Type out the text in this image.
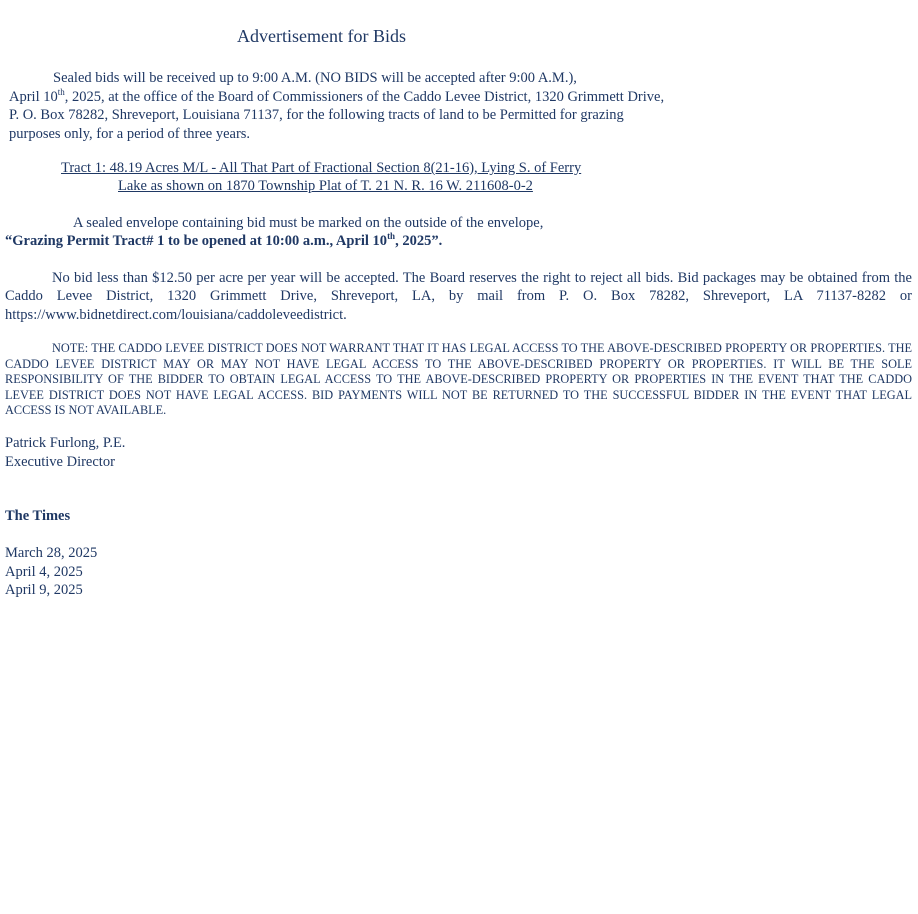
Advertisement for Bids

Sealed bids will be received up to 9:00 A.M. (NO BIDS will be accepted after 9:00 A.M.),
April 10th, 2025, at the office of the Board of Commissioners of the Caddo Levee District, 1320 Grimmett Drive, P. O. Box 78282, Shreveport, Louisiana 71137, for the following tracts of land to be Permitted for grazing purposes only, for a period of three years.

Tract 1: 48.19 Acres M/L - All That Part of Fractional Section 8(21-16), Lying S. of Ferry
Lake as shown on 1870 Township Plat of T. 21 N. R. 16 W. 211608-0-2
A sealed envelope containing bid must be marked on the outside of the envelope,
“Grazing Permit Tract# 1 to be opened at 10:00 a.m., April 10th, 2025”.

No bid less than $12.50 per acre per year will be accepted. The Board reserves the right to reject all bids. Bid packages may be obtained from the Caddo Levee District, 1320 Grimmett Drive, Shreveport, LA, by mail from P. O. Box 78282, Shreveport, LA 71137-8282 or https://www.bidnetdirect.com/louisiana/caddoleveedistrict.

NOTE: THE CADDO LEVEE DISTRICT DOES NOT WARRANT THAT IT HAS LEGAL ACCESS TO THE ABOVE-DESCRIBED PROPERTY OR PROPERTIES. THE CADDO LEVEE DISTRICT MAY OR MAY NOT HAVE LEGAL ACCESS TO THE ABOVE-DESCRIBED PROPERTY OR PROPERTIES. IT WILL BE THE SOLE RESPONSIBILITY OF THE BIDDER TO OBTAIN LEGAL ACCESS TO THE ABOVE-DESCRIBED PROPERTY OR PROPERTIES IN THE EVENT THAT THE CADDO LEVEE DISTRICT DOES NOT HAVE LEGAL ACCESS. BID PAYMENTS WILL NOT BE RETURNED TO THE SUCCESSFUL BIDDER IN THE EVENT THAT LEGAL ACCESS IS NOT AVAILABLE.

Patrick Furlong, P.E.
Executive Director
The Times
March 28, 2025
April 4, 2025
April 9, 2025
